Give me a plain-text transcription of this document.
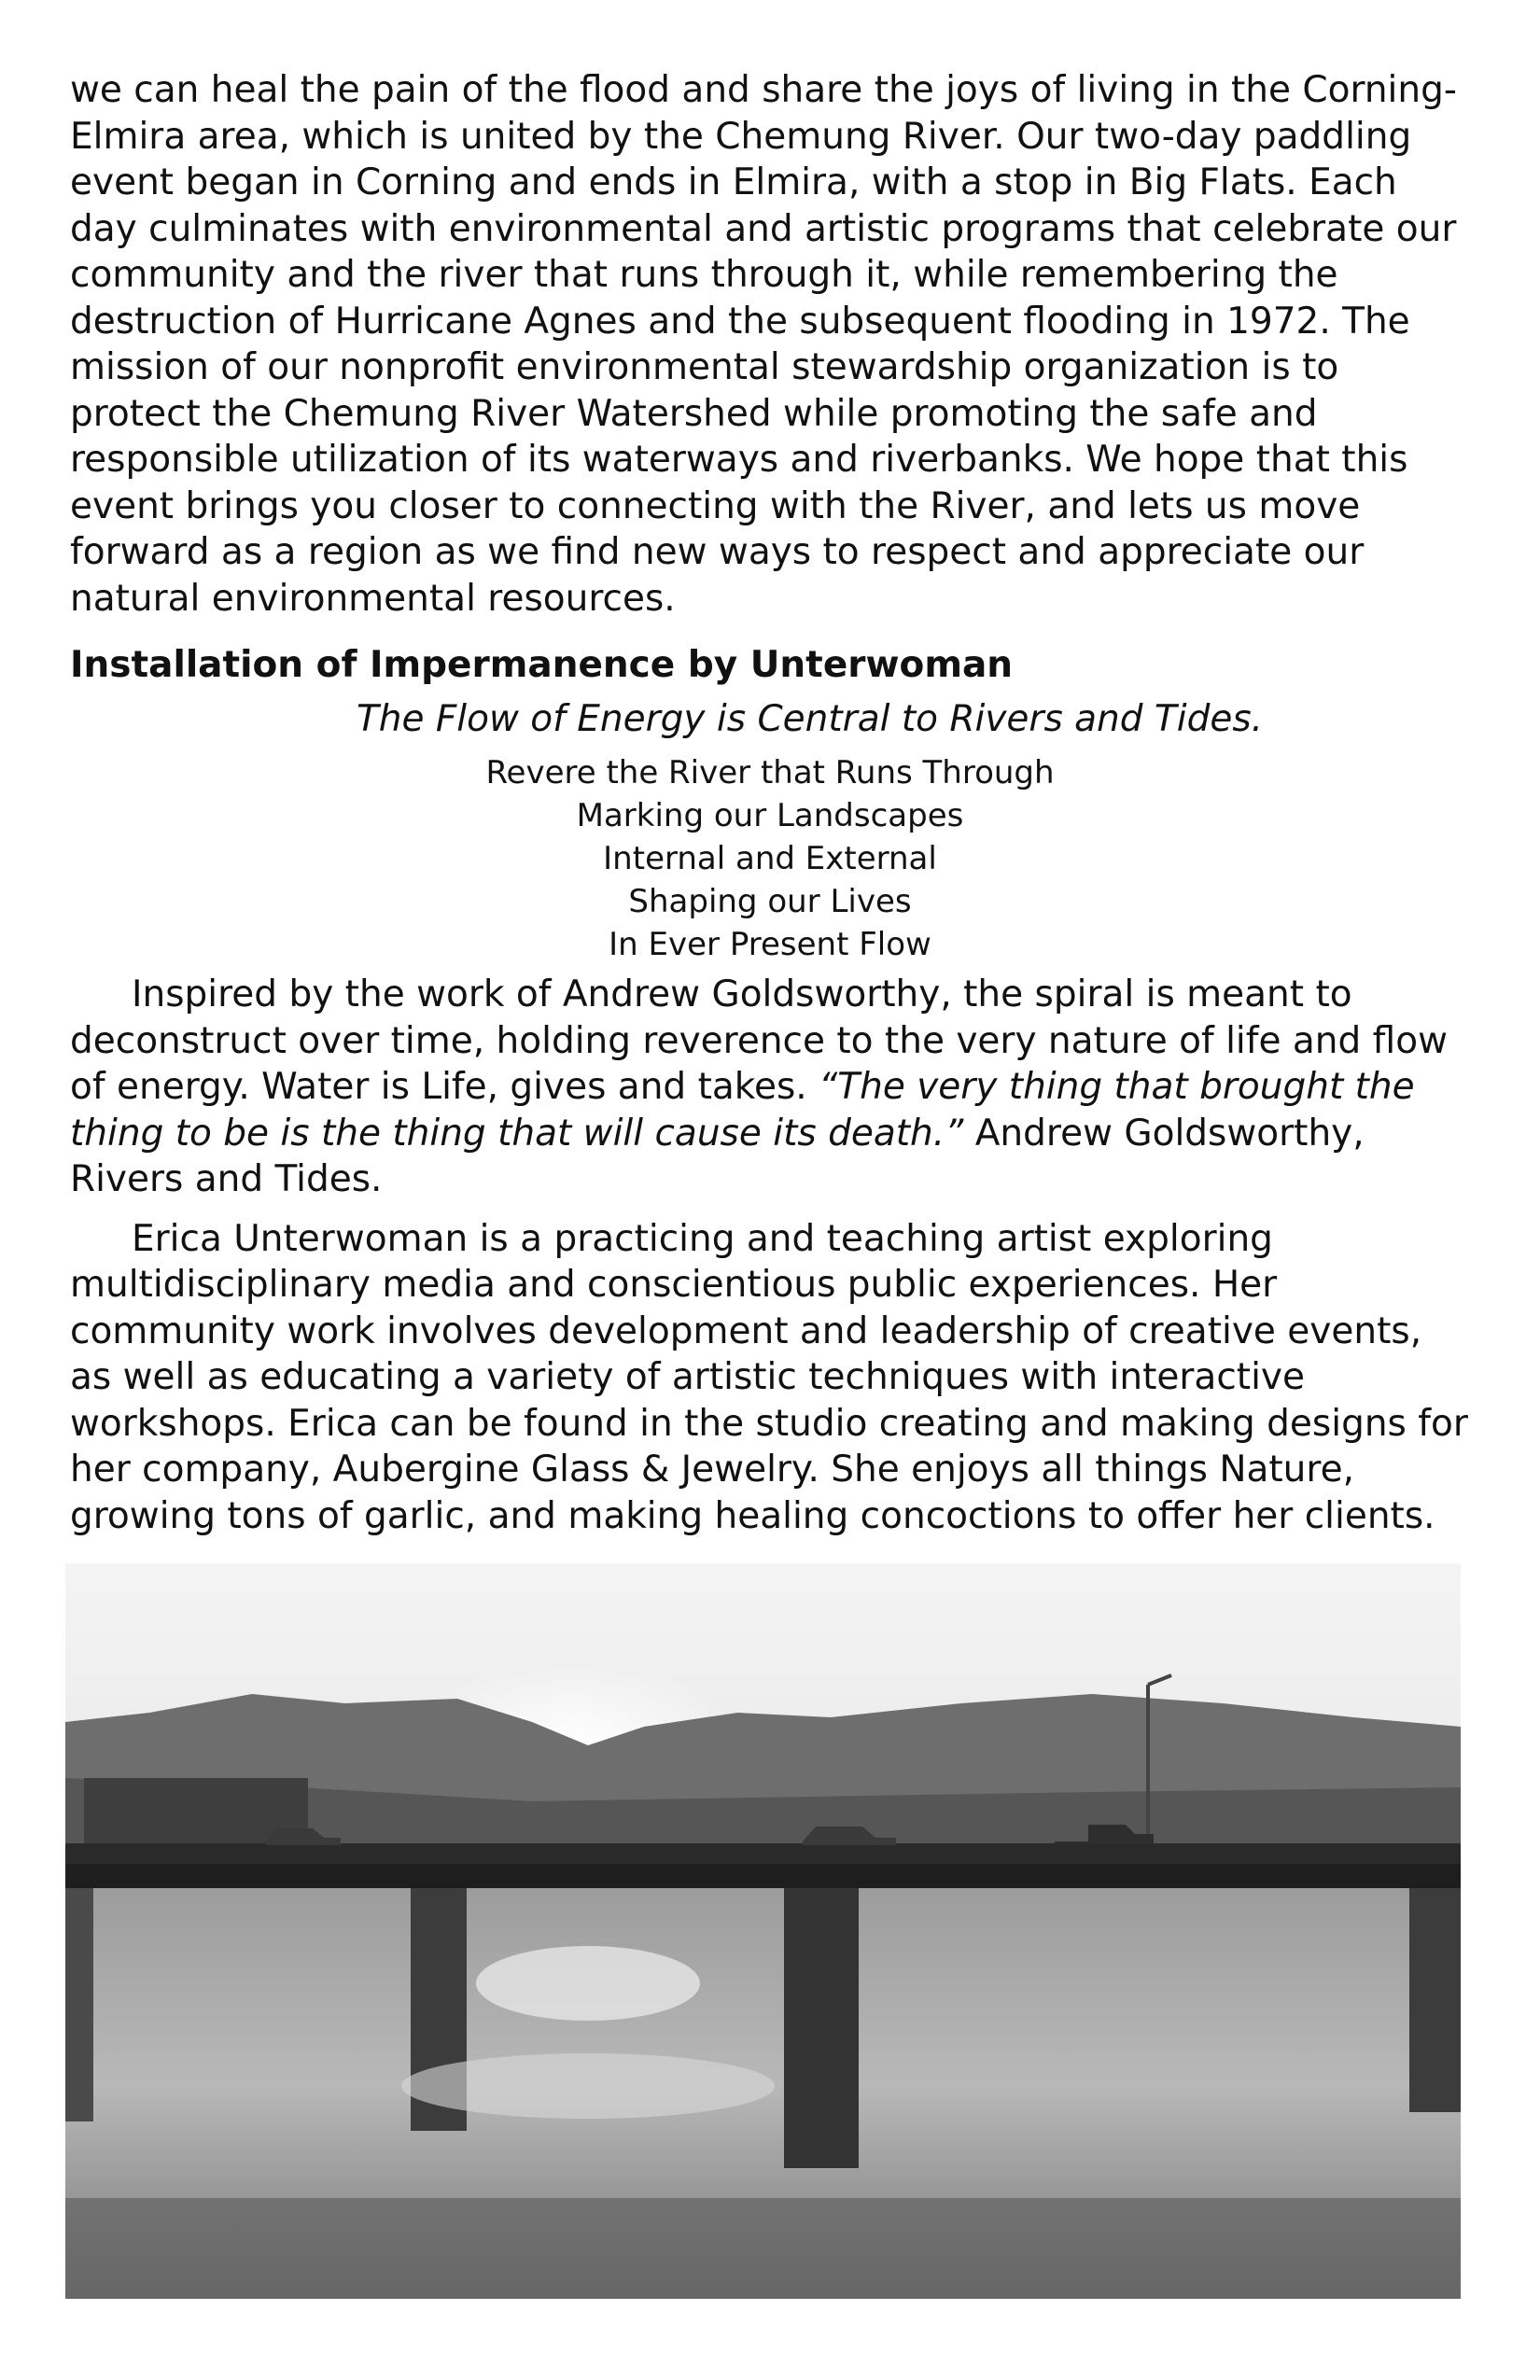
we can heal the pain of the flood and share the joys of living in the Corning-Elmira area, which is united by the Chemung River. Our two-day paddling event began in Corning and ends in Elmira, with a stop in Big Flats. Each day culminates with environmental and artistic programs that celebrate our community and the river that runs through it, while remembering the destruction of Hurricane Agnes and the subsequent flooding in 1972. The mission of our nonprofit environmental stewardship organization is to protect the Chemung River Watershed while promoting the safe and responsible utilization of its waterways and riverbanks. We hope that this event brings you closer to connecting with the River, and lets us move forward as a region as we find new ways to respect and appreciate our natural environmental resources.

Installation of Impermanence by Unterwoman

The Flow of Energy is Central to Rivers and Tides.

Revere the River that Runs Through
Marking our Landscapes
Internal and External
Shaping our Lives
In Ever Present Flow

Inspired by the work of Andrew Goldsworthy, the spiral is meant to deconstruct over time, holding reverence to the very nature of life and flow of energy. Water is Life, gives and takes. “The very thing that brought the thing to be is the thing that will cause its death.” Andrew Goldsworthy, Rivers and Tides.

Erica Unterwoman is a practicing and teaching artist exploring multidisciplinary media and conscientious public experiences. Her community work involves development and leadership of creative events, as well as educating a variety of artistic techniques with interactive workshops. Erica can be found in the studio creating and making designs for her company, Aubergine Glass & Jewelry. She enjoys all things Nature, growing tons of garlic, and making healing concoctions to offer her clients.
